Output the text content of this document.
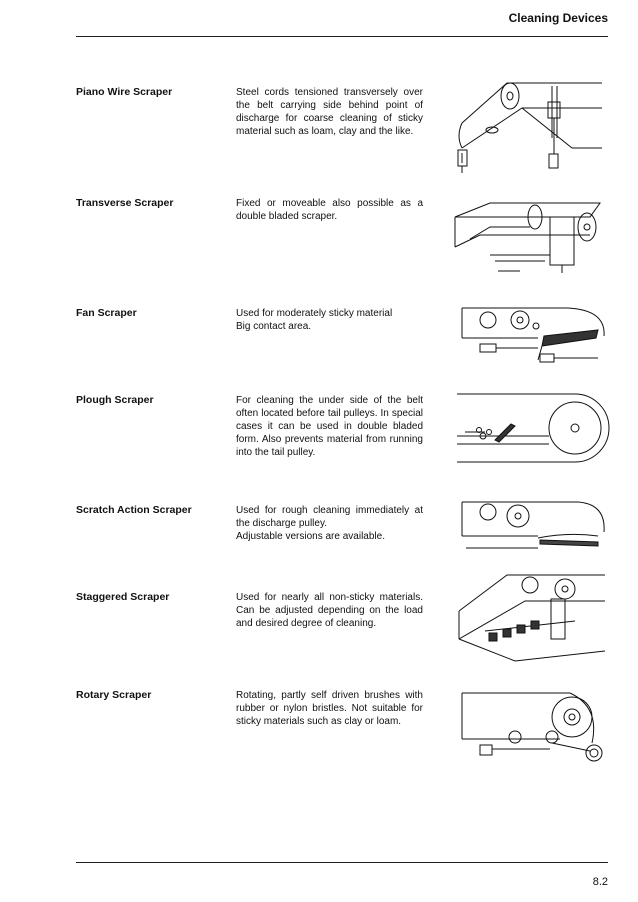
Cleaning Devices
Piano Wire Scraper	Steel cords tensioned transversely over the belt carrying side behind point of discharge for coarse cleaning of sticky material such as loam, clay and the like.
Transverse Scraper	Fixed or moveable also possible as a double bladed scraper.
Fan Scraper	Used for moderately sticky material

Big contact area.

Plough Scraper	For cleaning the under side of the belt often located before tail pulleys. In special cases it can be used in double bladed form. Also prevents material from running into the tail pulley.
Scratch Action Scraper	Used for rough cleaning immediately at the discharge pulley.

Adjustable versions are available.

Staggered Scraper	Used for nearly all non-sticky materials. Can be adjusted depending on the load and desired degree of cleaning.
Rotary Scraper	Rotating, partly self driven brushes with rubber or nylon bristles. Not suitable for sticky materials such as clay or loam.
8.2
